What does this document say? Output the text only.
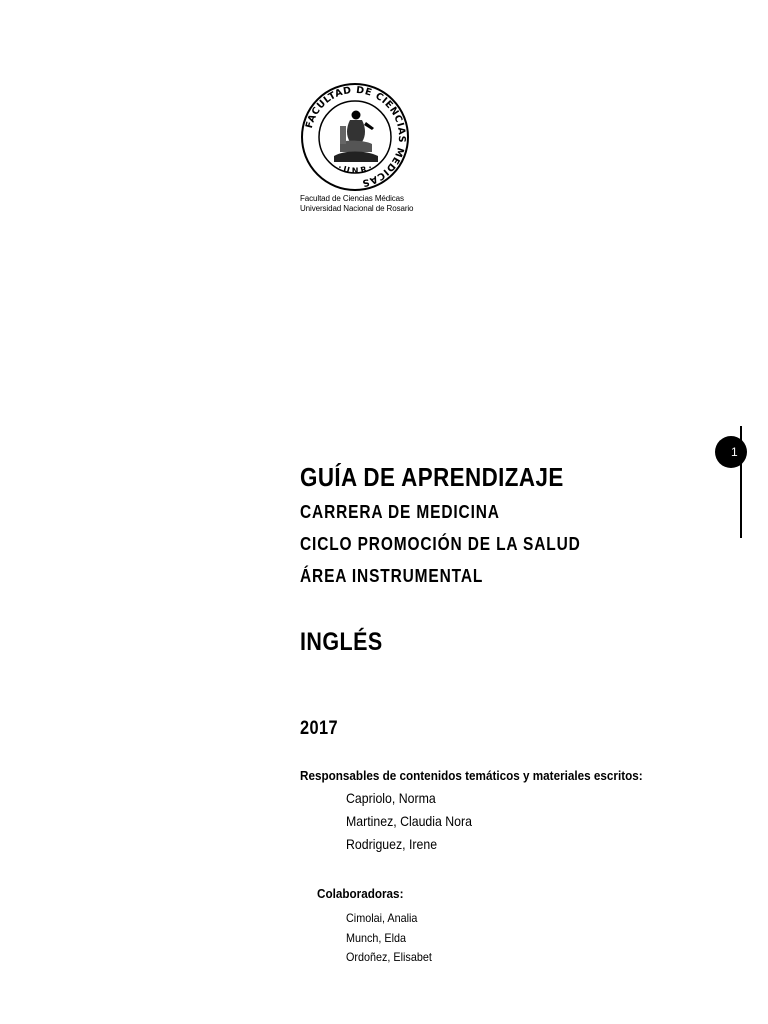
FACULTAD DE CIENCIAS MEDICAS
· U N R ·
Facultad de Ciencias Médicas
Universidad Nacional de Rosario
1
GUÍA DE APRENDIZAJE
CARRERA DE MEDICINA
CICLO PROMOCIÓN DE LA SALUD
ÁREA INSTRUMENTAL
INGLÉS
2017
Responsables de contenidos temáticos y materiales escritos:
Capriolo, Norma
Martinez, Claudia Nora
Rodriguez, Irene
Colaboradoras:
Cimolai, Analia
Munch, Elda
Ordoñez, Elisabet
